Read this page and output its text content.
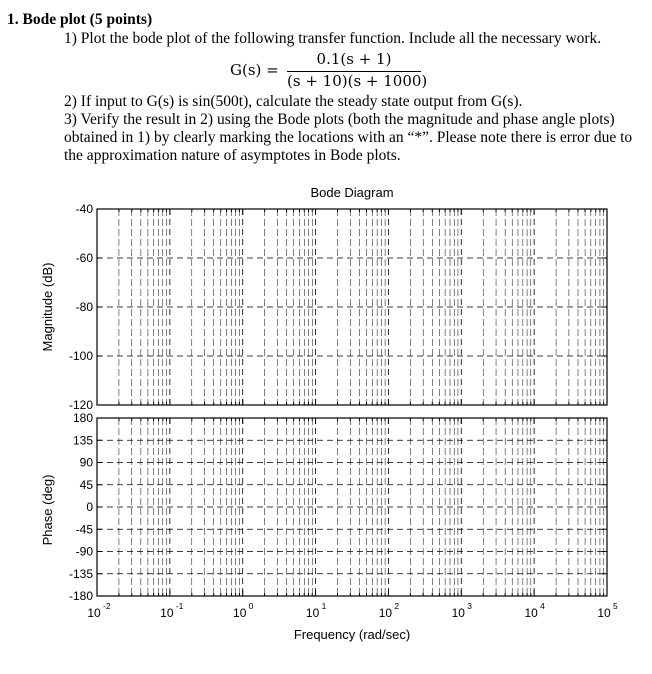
1. Bode plot (5 points)
1) Plot the bode plot of the following transfer function. Include all the necessary work.
G(s) =
0.1(s + 1)
(s + 10)(s + 1000)
2) If input to G(s) is sin(500t), calculate the steady state output from G(s).
3) Verify the result in 2) using the Bode plots (both the magnitude and phase angle plots)
obtained in 1) by clearly marking the locations with an “*”. Please note there is error due to
the approximation nature of asymptotes in Bode plots.
Bode Diagram
-40
-60
-80
-100
-120
180
135
90
45
0
-45
-90
-135
-180
10 -2	10 -1	10 0	10 1	10 2	10 3	10 4	10 5
Frequency (rad/sec)
Magnitude (dB)
Phase (deg)
